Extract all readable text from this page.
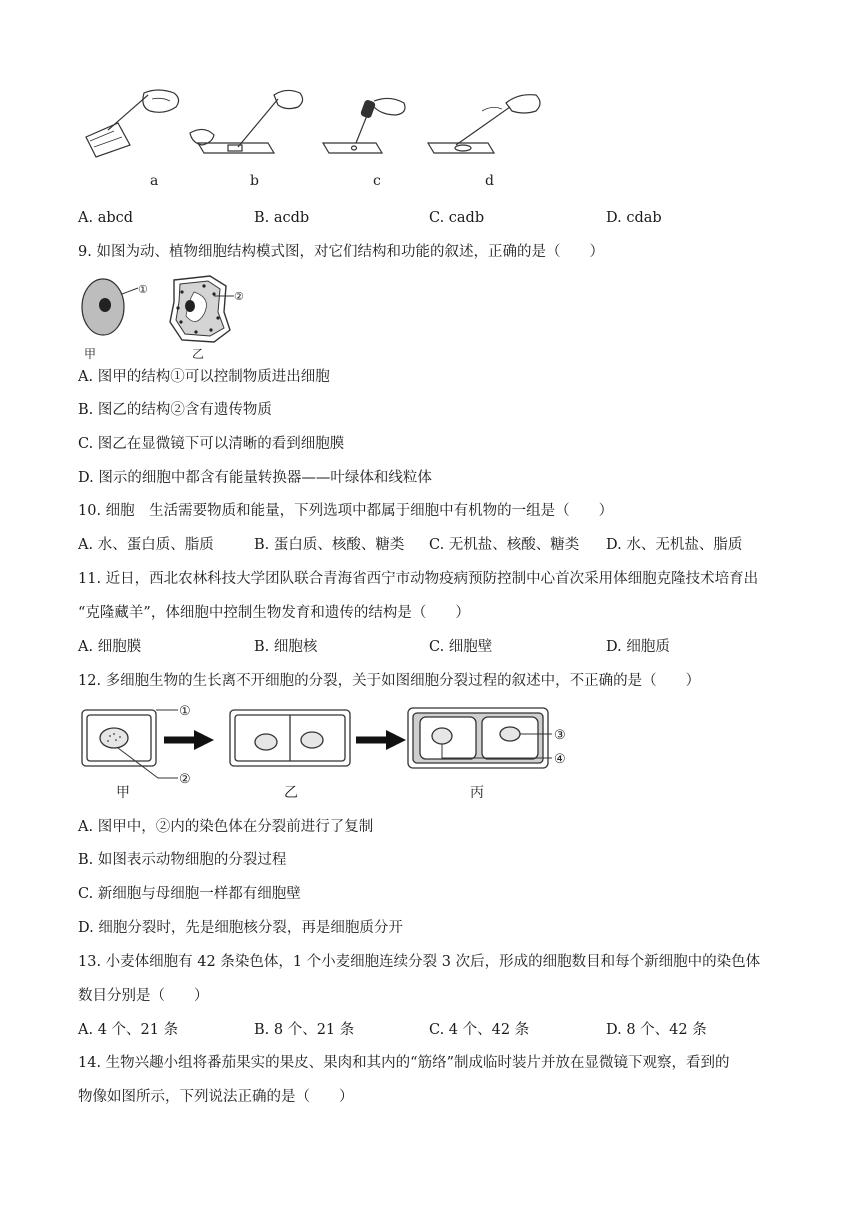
a	b	c	d
A. abcd	B. acdb	C. cadb	D. cdab
9. 如图为动、植物细胞结构模式图，对它们结构和功能的叙述，正确的是（　　）
①
甲
②
乙
A. 图甲的结构①可以控制物质进出细胞
B. 图乙的结构②含有遗传物质
C. 图乙在显微镜下可以清晰的看到细胞膜
D. 图示的细胞中都含有能量转换器——叶绿体和线粒体
10. 细胞　生活需要物质和能量，下列选项中都属于细胞中有机物的一组是（　　）
A. 水、蛋白质、脂质	B. 蛋白质、核酸、糖类 C. 无机盐、核酸、糖类 D. 水、无机盐、脂质
11. 近日，西北农林科技大学团队联合青海省西宁市动物疫病预防控制中心首次采用体细胞克隆技术培育出
“克隆藏羊”，体细胞中控制生物发育和遗传的结构是（　　）
A. 细胞膜	B. 细胞核	C. 细胞壁	D. 细胞质
12. 多细胞生物的生长离不开细胞的分裂，关于如图细胞分裂过程的叙述中，不正确的是（　　）
①
②
甲	乙
③
④
丙
A. 图甲中，②内的染色体在分裂前进行了复制
B. 如图表示动物细胞的分裂过程
C. 新细胞与母细胞一样都有细胞壁
D. 细胞分裂时，先是细胞核分裂，再是细胞质分开
13. 小麦体细胞有 42 条染色体，1 个小麦细胞连续分裂 3 次后，形成的细胞数目和每个新细胞中的染色体
数目分别是（　　）
A. 4 个、21 条	B. 8 个、21 条	C. 4 个、42 条	D. 8 个、42 条
14. 生物兴趣小组将番茄果实的果皮、果肉和其内的“筋络”制成临时装片并放在显微镜下观察，看到的
物像如图所示，下列说法正确的是（　　）
